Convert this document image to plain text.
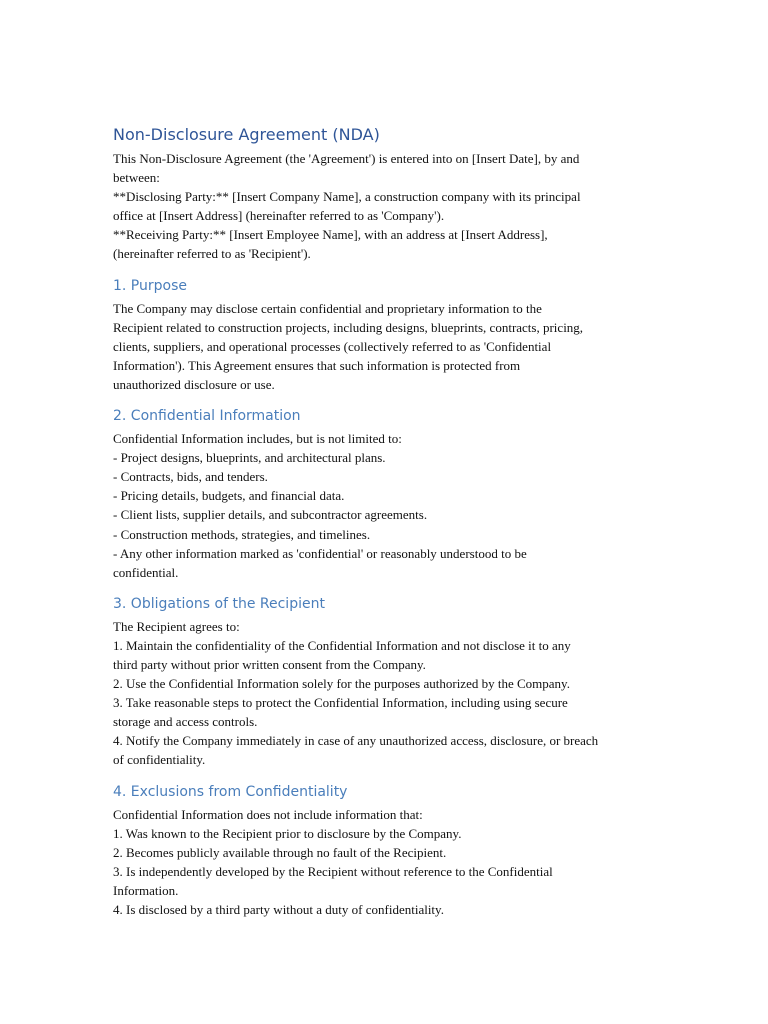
Non-Disclosure Agreement (NDA)
This Non-Disclosure Agreement (the 'Agreement') is entered into on [Insert Date], by and
between:
**Disclosing Party:** [Insert Company Name], a construction company with its principal
office at [Insert Address] (hereinafter referred to as 'Company').
**Receiving Party:** [Insert Employee Name], with an address at [Insert Address],
(hereinafter referred to as 'Recipient').
1. Purpose
The Company may disclose certain confidential and proprietary information to the
Recipient related to construction projects, including designs, blueprints, contracts, pricing,
clients, suppliers, and operational processes (collectively referred to as 'Confidential
Information'). This Agreement ensures that such information is protected from
unauthorized disclosure or use.
2. Confidential Information
Confidential Information includes, but is not limited to:
- Project designs, blueprints, and architectural plans.
- Contracts, bids, and tenders.
- Pricing details, budgets, and financial data.
- Client lists, supplier details, and subcontractor agreements.
- Construction methods, strategies, and timelines.
- Any other information marked as 'confidential' or reasonably understood to be
confidential.
3. Obligations of the Recipient
The Recipient agrees to:
1. Maintain the confidentiality of the Confidential Information and not disclose it to any
third party without prior written consent from the Company.
2. Use the Confidential Information solely for the purposes authorized by the Company.
3. Take reasonable steps to protect the Confidential Information, including using secure
storage and access controls.
4. Notify the Company immediately in case of any unauthorized access, disclosure, or breach
of confidentiality.
4. Exclusions from Confidentiality
Confidential Information does not include information that:
1. Was known to the Recipient prior to disclosure by the Company.
2. Becomes publicly available through no fault of the Recipient.
3. Is independently developed by the Recipient without reference to the Confidential
Information.
4. Is disclosed by a third party without a duty of confidentiality.
